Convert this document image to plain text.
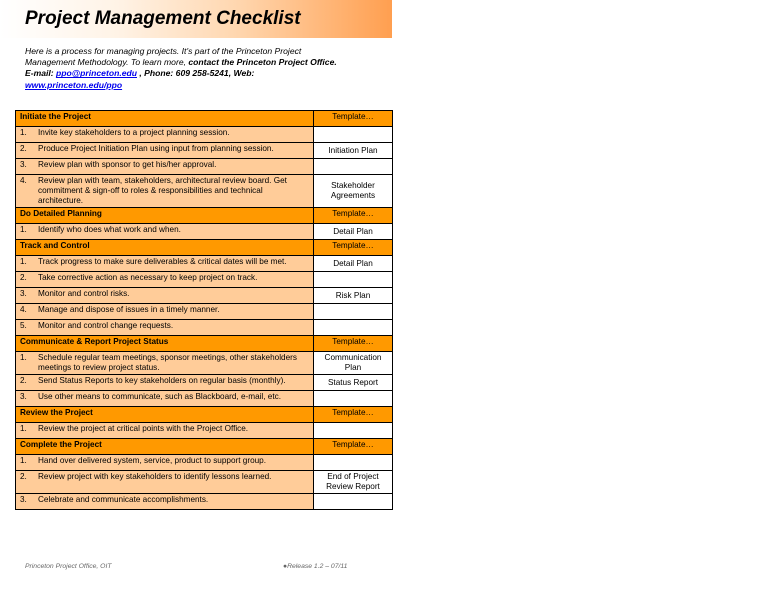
Project Management Checklist
Here is a process for managing projects. It's part of the Princeton Project
Management Methodology. To learn more, contact the Princeton Project Office.
E-mail: ppo@princeton.edu , Phone: 609 258-5241, Web:
www.princeton.edu/ppo
Initiate the Project	Template…

1. Invite key stakeholders to a project planning session.	

2. Produce Project Initiation Plan using input from planning session.	Initiation Plan

3. Review plan with sponsor to get his/her approval.	

4. Review plan with team, stakeholders, architectural review board. Get commitment & sign-off to roles & responsibilities and technical architecture.	Stakeholder Agreements
Do Detailed Planning	Template…

1. Identify who does what work and when.	Detail Plan
Track and Control	Template…

1. Track progress to make sure deliverables & critical dates will be met.	Detail Plan

2. Take corrective action as necessary to keep project on track.	

3. Monitor and control risks.	Risk Plan

4. Manage and dispose of issues in a timely manner.	

5. Monitor and control change requests.	

Communicate & Report Project Status	Template…

1. Schedule regular team meetings, sponsor meetings, other stakeholders meetings to review project status.	Communication Plan

2. Send Status Reports to key stakeholders on regular basis (monthly).	Status Report

3. Use other means to communicate, such as Blackboard, e-mail, etc.	

Review the Project	Template…

1. Review the project at critical points with the Project Office.	

Complete the Project	Template…

1. Hand over delivered system, service, product to support group.	

2. Review project with key stakeholders to identify lessons learned.	End of Project Review Report

3. Celebrate and communicate accomplishments.	

Princeton Project Office, OIT	●Release 1.2 – 07/11
